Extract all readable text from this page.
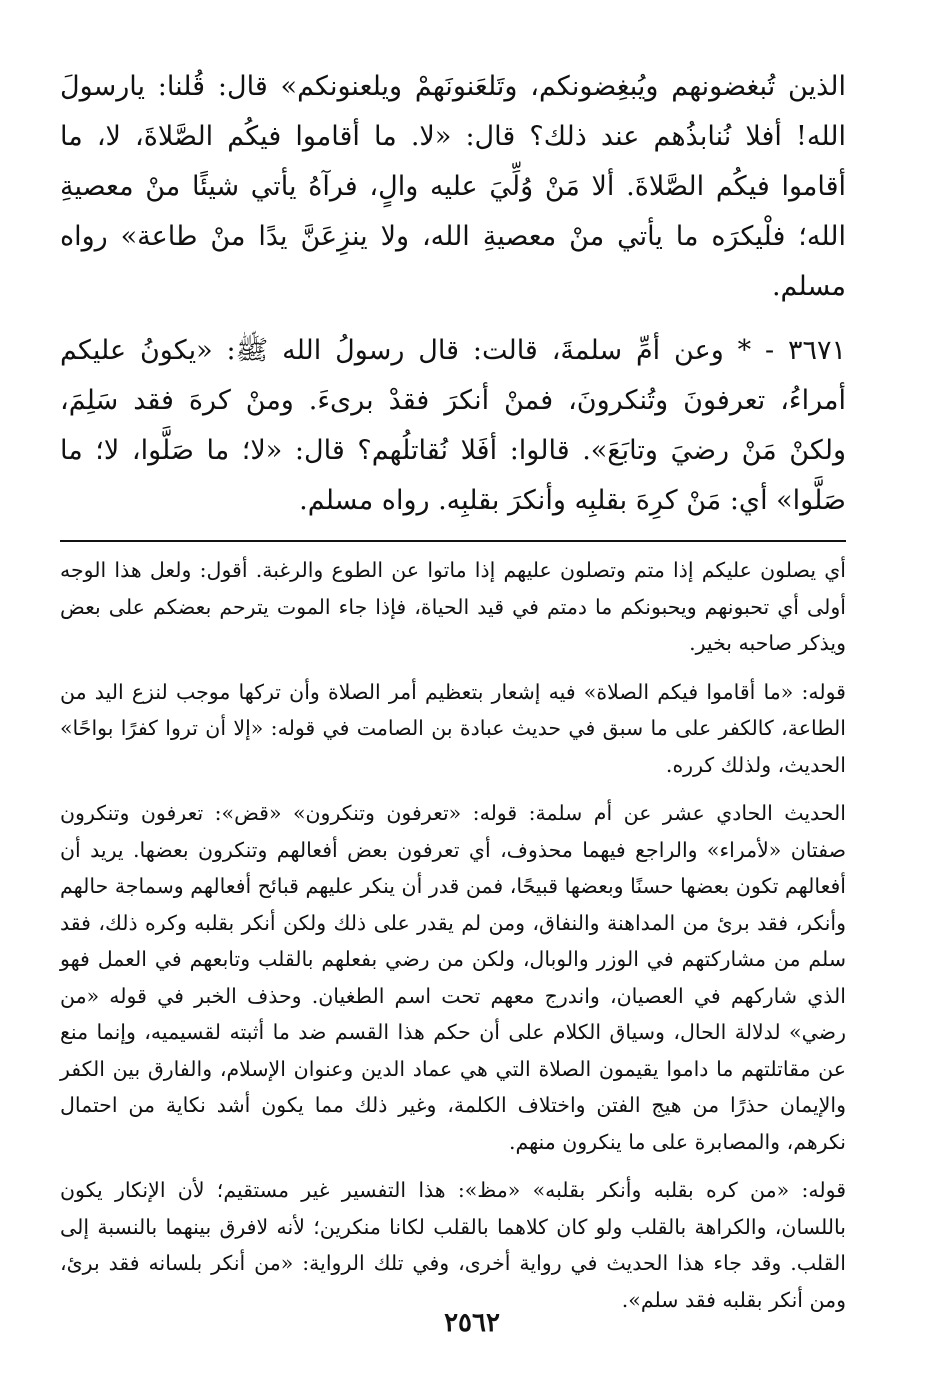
الذين تُبغضونهم ويُبغِضونكم، وتَلعَنونَهمْ ويلعنونكم» قال: قُلنا: يارسولَ الله! أفلا نُنابذُهم عند ذلك؟ قال: «لا. ما أقاموا فيكُم الصَّلاةَ، لا، ما أقاموا فيكُم الصَّلاةَ. ألا مَنْ وُلِّيَ عليه والٍ، فرآهُ يأتي شيئًا منْ معصيةِ الله؛ فلْيكرَه ما يأتي منْ معصيةِ الله، ولا ينزِعَنَّ يدًا منْ طاعة» رواه مسلم.

٣٦٧١ - * وعن أمِّ سلمةَ، قالت: قال رسولُ الله ﷺ: «يكونُ عليكم أمراءُ، تعرفونَ وتُنكرونَ، فمنْ أنكرَ فقدْ برىءَ. ومنْ كرهَ فقد سَلِمَ، ولكنْ مَنْ رضيَ وتابَعَ». قالوا: أفَلا نُقاتلُهم؟ قال: «لا؛ ما صَلَّوا، لا؛ ما صَلَّوا» أي: مَنْ كرِهَ بقلبِه وأنكرَ بقلبِه. رواه مسلم.

أي يصلون عليكم إذا متم وتصلون عليهم إذا ماتوا عن الطوع والرغبة. أقول: ولعل هذا الوجه أولى أي تحبونهم ويحبونكم ما دمتم في قيد الحياة، فإذا جاء الموت يترحم بعضكم على بعض ويذكر صاحبه بخير.

قوله: «ما أقاموا فيكم الصلاة» فيه إشعار بتعظيم أمر الصلاة وأن تركها موجب لنزع اليد من الطاعة، كالكفر على ما سبق في حديث عبادة بن الصامت في قوله: «إلا أن تروا كفرًا بواحًا» الحديث، ولذلك كرره.

الحديث الحادي عشر عن أم سلمة: قوله: «تعرفون وتنكرون» «قض»: تعرفون وتنكرون صفتان «لأمراء» والراجع فيهما محذوف، أي تعرفون بعض أفعالهم وتنكرون بعضها. يريد أن أفعالهم تكون بعضها حسنًا وبعضها قبيحًا، فمن قدر أن ينكر عليهم قبائح أفعالهم وسماجة حالهم وأنكر، فقد برئ من المداهنة والنفاق، ومن لم يقدر على ذلك ولكن أنكر بقلبه وكره ذلك، فقد سلم من مشاركتهم في الوزر والوبال، ولكن من رضي بفعلهم بالقلب وتابعهم في العمل فهو الذي شاركهم في العصيان، واندرج معهم تحت اسم الطغيان. وحذف الخبر في قوله «من رضي» لدلالة الحال، وسياق الكلام على أن حكم هذا القسم ضد ما أثبته لقسيميه، وإنما منع عن مقاتلتهم ما داموا يقيمون الصلاة التي هي عماد الدين وعنوان الإسلام، والفارق بين الكفر والإيمان حذرًا من هيج الفتن واختلاف الكلمة، وغير ذلك مما يكون أشد نكاية من احتمال نكرهم، والمصابرة على ما ينكرون منهم.

قوله: «من كره بقلبه وأنكر بقلبه» «مظ»: هذا التفسير غير مستقيم؛ لأن الإنكار يكون باللسان، والكراهة بالقلب ولو كان كلاهما بالقلب لكانا منكرين؛ لأنه لافرق بينهما بالنسبة إلى القلب. وقد جاء هذا الحديث في رواية أخرى، وفي تلك الرواية: «من أنكر بلسانه فقد برئ، ومن أنكر بقلبه فقد سلم».

٢٥٦٢
